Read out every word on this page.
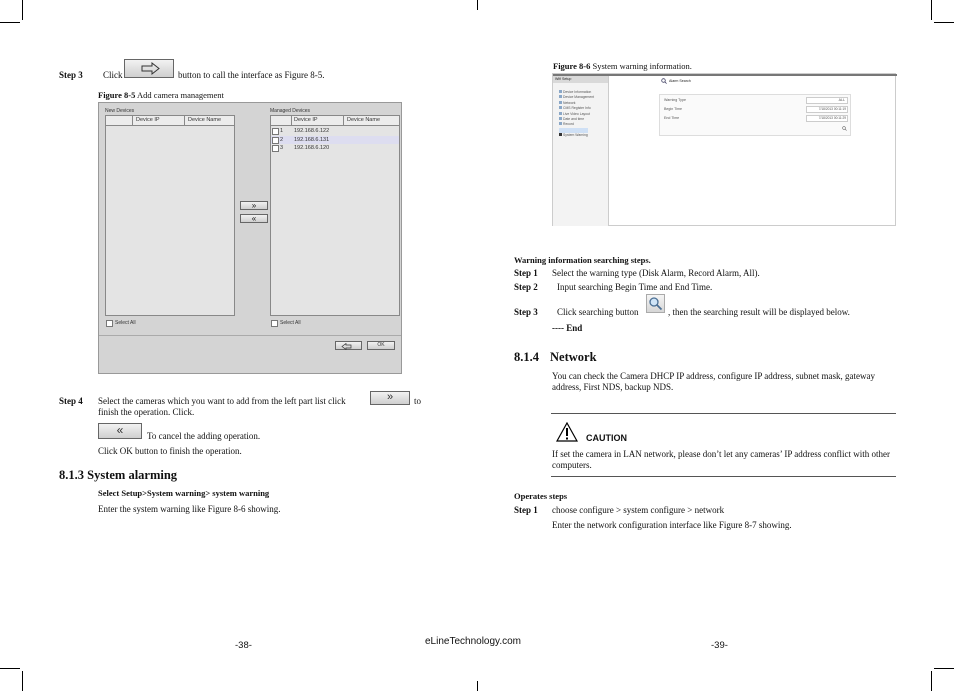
Step 3 Click	button to call the interface as Figure 8-5.
Figure 8-5 Add camera management
New Devices	Managed Devices
Device IP	Device Name	Device IP	Device Name
1 192.168.6.122
2 192.168.6.131
3 192.168.6.120
»
«
Select All	Select All
OK
Step 4 Select the cameras which you want to add from the left part list click	»	to
finish the operation. Click.
«	To cancel the adding operation.
Click OK button to finish the operation.
8.1.3 System alarming
Select Setup>System warning> system warning
Enter the system warning like Figure 8-6 showing.
-38-
Figure 8-6 System warning information.
Wifi Setup
Device Information
Device Management
Network
CMS Register Info
Live Video Layout
Date and time
Record
System Warning
Alarm Search
Warning Type	ALL
Begin Time	7/18/2013 00:11:19
End Time	7/18/2013 00:11:29
Warning information searching steps.
Step 1 Select the warning type (Disk Alarm, Record Alarm, All).
Step 2 Input searching Begin Time and End Time.
Step 3 Click searching button	, then the searching result will be displayed below.
---- End
8.1.4 Network
You can check the Camera DHCP IP address, configure IP address, subnet mask, gateway address, First NDS, backup NDS.
CAUTION
If set the camera in LAN network, please don’t let any cameras’ IP address conflict with other computers.
Operates steps
Step 1 choose configure > system configure > network
Enter the network configuration interface like Figure 8-7 showing.
-39-
eLineTechnology.com
